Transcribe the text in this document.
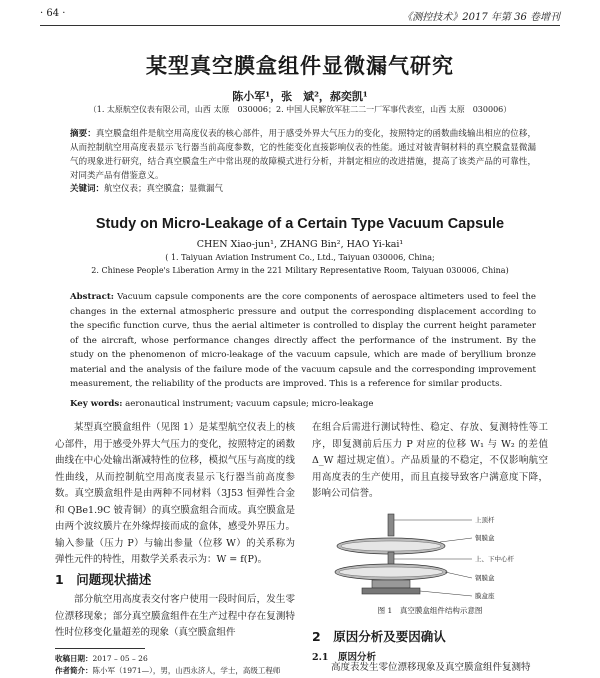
· 64 ·	《测控技术》2017 年第 36 卷增刊
某型真空膜盒组件显微漏气研究
陈小军¹，张　斌²，郝奕凯¹
（1. 太原航空仪表有限公司，山西 太原　030006；2. 中国人民解放军驻二二一厂军事代表室，山西 太原　030006）
摘要：真空膜盒组件是航空用高度仪表的核心部件，用于感受外界大气压力的变化，按照特定的函数曲线输出相应的位移，从而控制航空用高度表显示飞行器当前高度参数，它的性能变化直接影响仪表的性能。通过对铍青铜材料的真空膜盒显微漏气的现象进行研究，结合真空膜盒生产中常出现的故障模式进行分析，并制定相应的改进措施，提高了该类产品的可靠性，对同类产品有借鉴意义。
关键词：航空仪表；真空膜盒；显微漏气
Study on Micro-Leakage of a Certain Type Vacuum Capsule
CHEN Xiao-jun¹, ZHANG Bin², HAO Yi-kai¹
( 1. Taiyuan Aviation Instrument Co., Ltd., Taiyuan 030006, China;
2. Chinese People's Liberation Army in the 221 Military Representative Room, Taiyuan 030006, China)
Abstract: Vacuum capsule components are the core components of aerospace altimeters used to feel the changes in the external atmospheric pressure and output the corresponding displacement according to the specific function curve, thus the aerial altimeter is controlled to display the current height parameter of the aircraft, whose performance changes directly affect the performance of the instrument. By the study on the phenomenon of micro-leakage of the vacuum capsule, which are made of beryllium bronze material and the analysis of the failure mode of the vacuum capsule and the corresponding improvement measurement, the reliability of the products are improved. This is a reference for similar products.
Key words: aeronautical instrument; vacuum capsule; micro-leakage

某型真空膜盒组件（见图 1）是某型航空仪表上的核心部件，用于感受外界大气压力的变化，按照特定的函数曲线在中心处输出渐减特性的位移，模拟气压与高度的线性曲线，从而控制航空用高度表显示飞行器当前高度参数。真空膜盒组件是由两种不同材料（3J53 恒弹性合金和 QBe1.9C 铍青铜）的真空膜盒组合而成。真空膜盒是由两个波纹膜片在外缘焊接而成的盒体，感受外界压力。输入参量（压力 P）与输出参量（位移 W）的关系称为弹性元件的特性，用数学关系表示为：W = f(P)。

1　问题现状描述

部分航空用高度表交付客户使用一段时间后，发生零位漂移现象；部分真空膜盒组件在生产过程中存在复测特性时位移变化量超差的现象（真空膜盒组件

收稿日期：2017 – 05 – 26
作者简介：陈小军（1971—），男，山西永济人，学士，高级工程师

在组合后需进行测试特性、稳定、存放、复测特性等工序，即复测前后压力 P 对应的位移 W₁ 与 W₂ 的差值 Δ_W 超过规定值）。产品质量的不稳定，不仅影响航空用高度表的生产使用，而且直接导致客户满意度下降，影响公司信誉。

上顶杆
铜膜盒
上、下中心杆
钢膜盒
膜盒座
图 1　真空膜盒组件结构示意图
2　原因分析及要因确认
2.1　原因分析
高度表发生零位漂移现象及真空膜盒组件复测特
